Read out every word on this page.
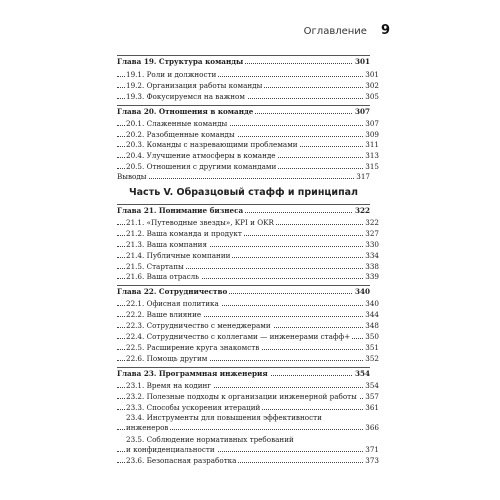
Оглавление 9
Глава 19. Структура команды	301
19.1. Роли и должности	301
19.2. Организация работы команды	302
19.3. Фокусируемся на важном	305
Глава 20. Отношения в команде	307
20.1. Слаженные команды	307
20.2. Разобщенные команды	309
20.3. Команды с назревающими проблемами	311
20.4. Улучшение атмосферы в команде	313
20.5. Отношения с другими командами	315
Выводы	317
Часть V. Образцовый стафф и принципал
Глава 21. Понимание бизнеса	322
21.1. «Путеводные звезды», KPI и OKR	322
21.2. Ваша команда и продукт	327
21.3. Ваша компания	330
21.4. Публичные компании	334
21.5. Стартапы	338
21.6. Ваша отрасль	339
Глава 22. Сотрудничество	340
22.1. Офисная политика	340
22.2. Ваше влияние	344
22.3. Сотрудничество с менеджерами	348
22.4. Сотрудничество с коллегами — инженерами стафф+	350
22.5. Расширение круга знакомств	351
22.6. Помощь другим	352
Глава 23. Программная инженерия	354
23.1. Время на кодинг	354
23.2. Полезные подходы к организации инженерной работы	357
23.3. Способы ускорения итераций	361
23.4. Инструменты для повышения эффективности
инженеров	366
23.5. Соблюдение нормативных требований
и конфиденциальности	371
23.6. Безопасная разработка	373
